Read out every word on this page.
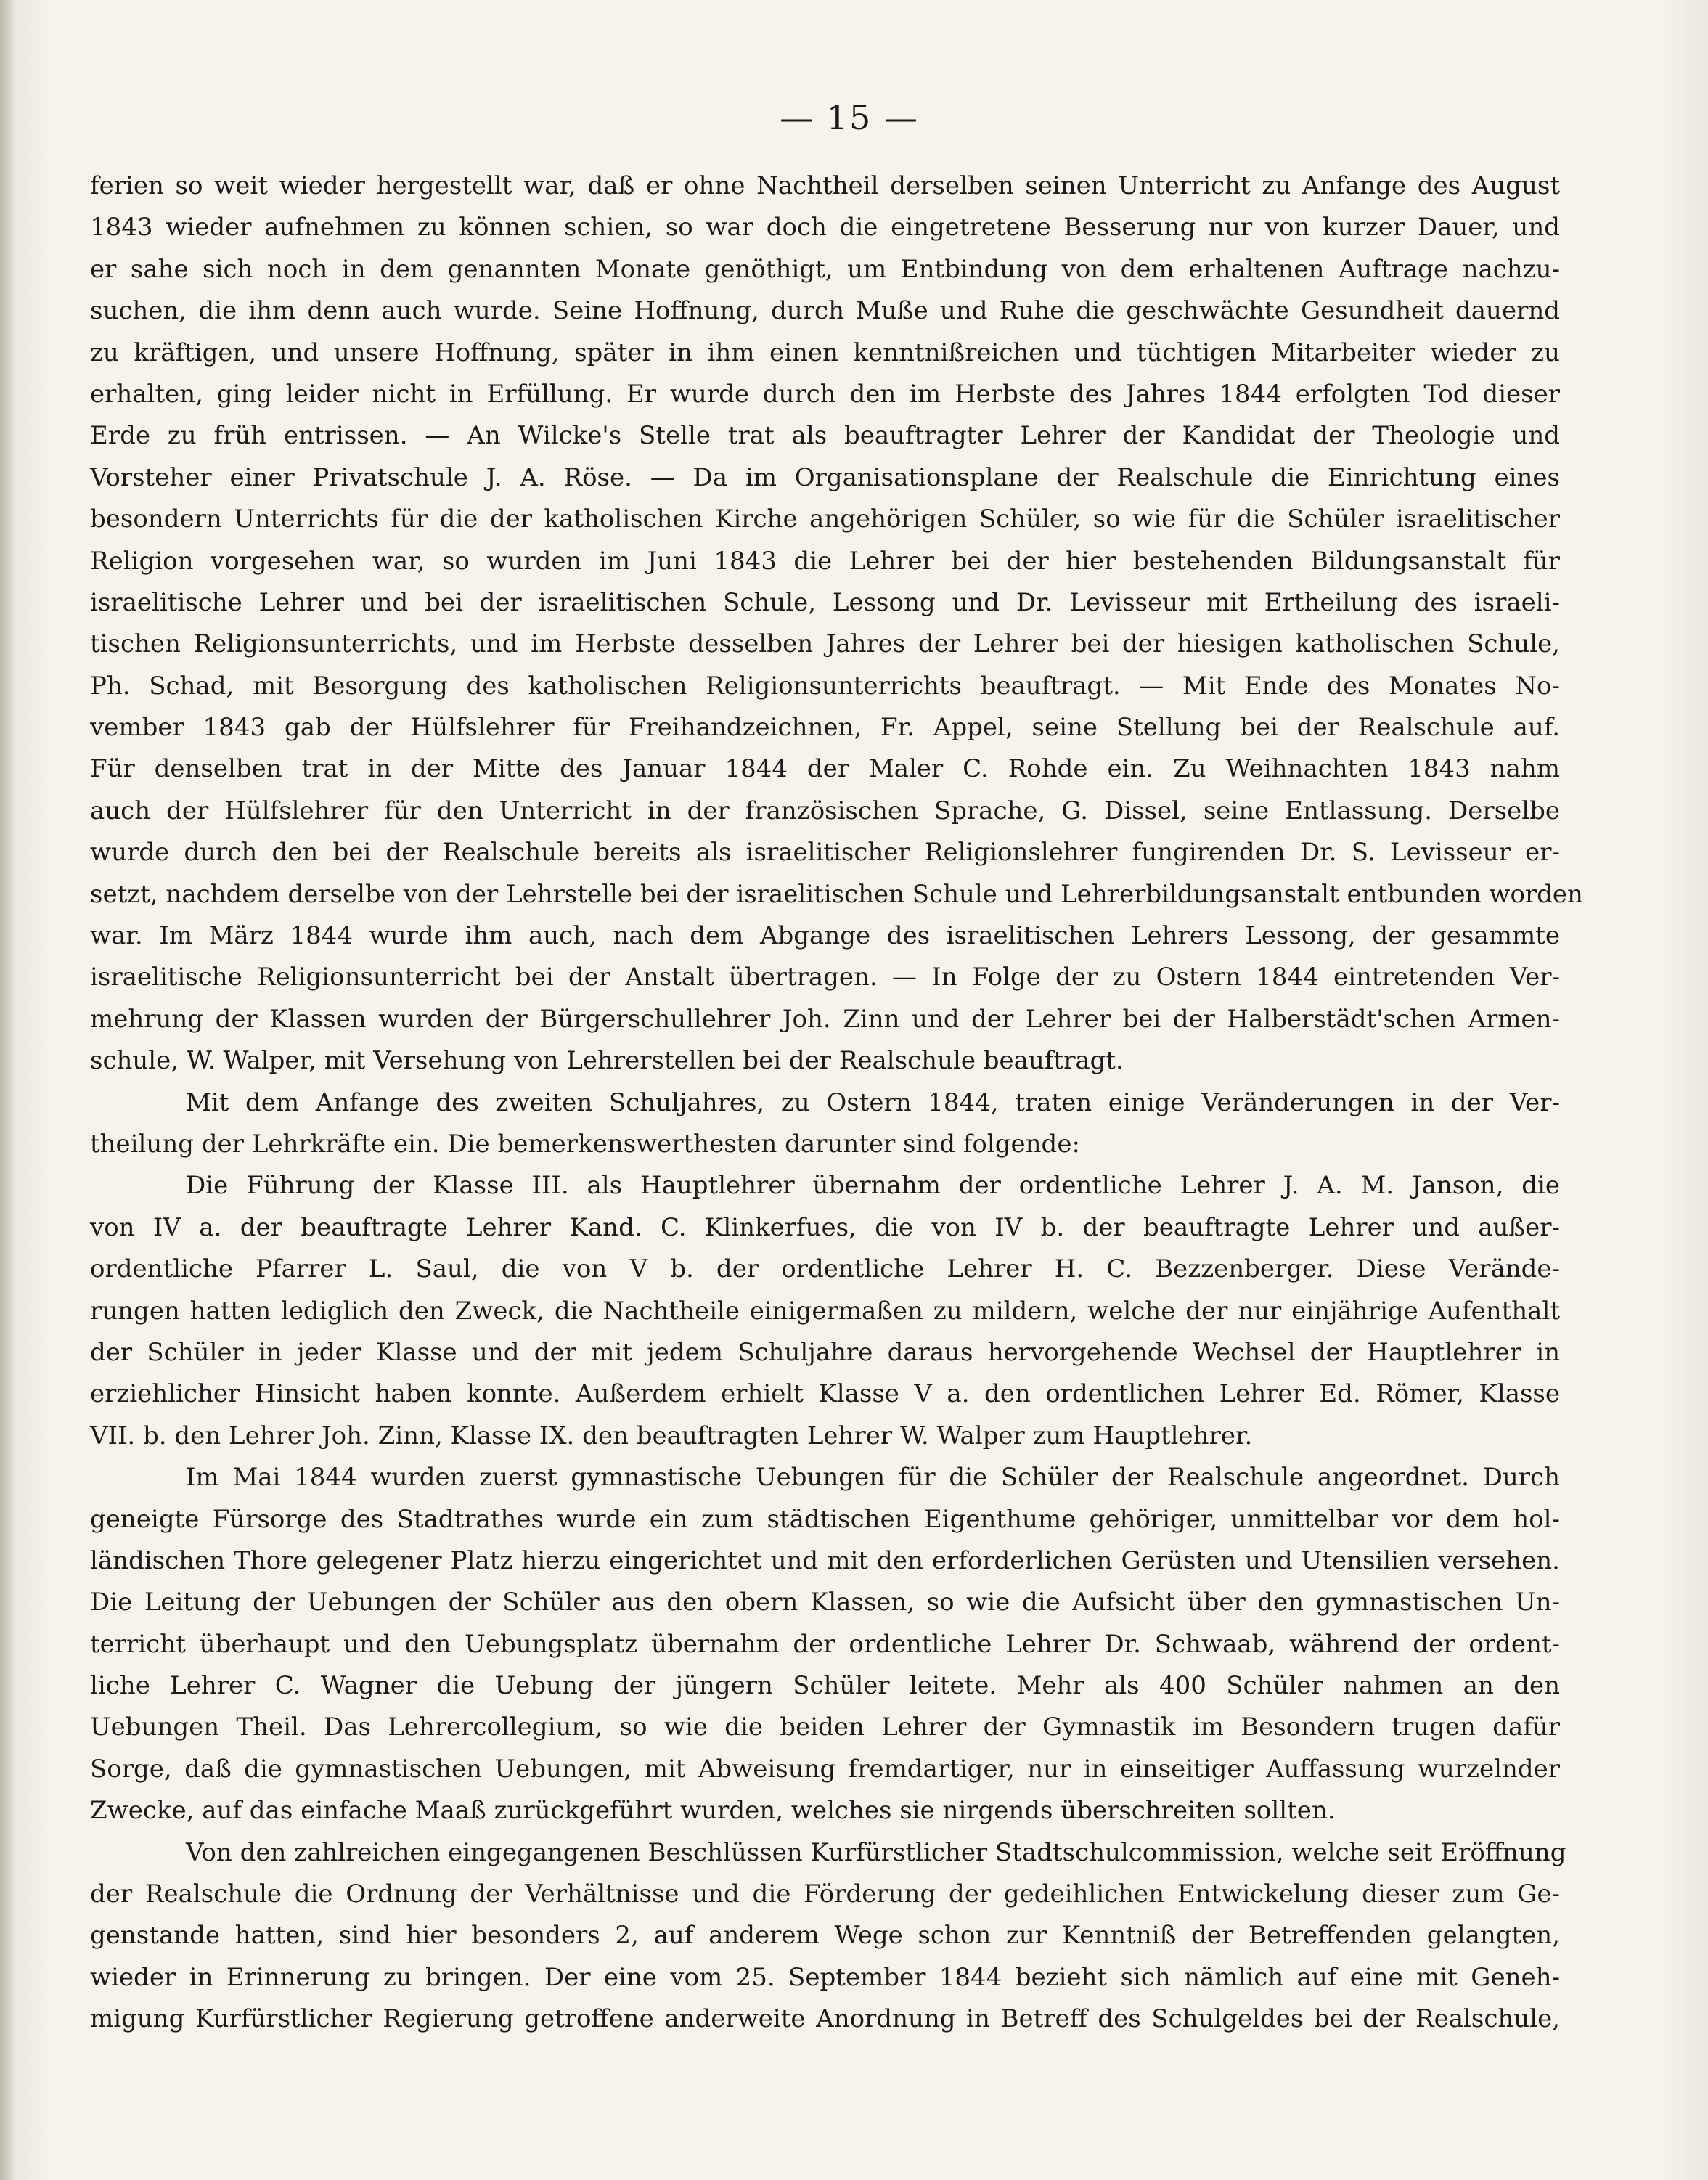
— 15 —
ferien so weit wieder hergestellt war, daß er ohne Nachtheil derselben seinen Unterricht zu Anfange des August
1843 wieder aufnehmen zu können schien, so war doch die eingetretene Besserung nur von kurzer Dauer, und
er sahe sich noch in dem genannten Monate genöthigt, um Entbindung von dem erhaltenen Auftrage nachzu-
suchen, die ihm denn auch wurde. Seine Hoffnung, durch Muße und Ruhe die geschwächte Gesundheit dauernd
zu kräftigen, und unsere Hoffnung, später in ihm einen kenntnißreichen und tüchtigen Mitarbeiter wieder zu
erhalten, ging leider nicht in Erfüllung. Er wurde durch den im Herbste des Jahres 1844 erfolgten Tod dieser
Erde zu früh entrissen. — An Wilcke's Stelle trat als beauftragter Lehrer der Kandidat der Theologie und
Vorsteher einer Privatschule J. A. Röse. — Da im Organisationsplane der Realschule die Einrichtung eines
besondern Unterrichts für die der katholischen Kirche angehörigen Schüler, so wie für die Schüler israelitischer
Religion vorgesehen war, so wurden im Juni 1843 die Lehrer bei der hier bestehenden Bildungsanstalt für
israelitische Lehrer und bei der israelitischen Schule, Lessong und Dr. Levisseur mit Ertheilung des israeli-
tischen Religionsunterrichts, und im Herbste desselben Jahres der Lehrer bei der hiesigen katholischen Schule,
Ph. Schad, mit Besorgung des katholischen Religionsunterrichts beauftragt. — Mit Ende des Monates No-
vember 1843 gab der Hülfslehrer für Freihandzeichnen, Fr. Appel, seine Stellung bei der Realschule auf.
Für denselben trat in der Mitte des Januar 1844 der Maler C. Rohde ein. Zu Weihnachten 1843 nahm
auch der Hülfslehrer für den Unterricht in der französischen Sprache, G. Dissel, seine Entlassung. Derselbe
wurde durch den bei der Realschule bereits als israelitischer Religionslehrer fungirenden Dr. S. Levisseur er-
setzt, nachdem derselbe von der Lehrstelle bei der israelitischen Schule und Lehrerbildungsanstalt entbunden worden
war. Im März 1844 wurde ihm auch, nach dem Abgange des israelitischen Lehrers Lessong, der gesammte
israelitische Religionsunterricht bei der Anstalt übertragen. — In Folge der zu Ostern 1844 eintretenden Ver-
mehrung der Klassen wurden der Bürgerschullehrer Joh. Zinn und der Lehrer bei der Halberstädt'schen Armen-
schule, W. Walper, mit Versehung von Lehrerstellen bei der Realschule beauftragt.
Mit dem Anfange des zweiten Schuljahres, zu Ostern 1844, traten einige Veränderungen in der Ver-
theilung der Lehrkräfte ein. Die bemerkenswerthesten darunter sind folgende:
Die Führung der Klasse III. als Hauptlehrer übernahm der ordentliche Lehrer J. A. M. Janson, die
von IV a. der beauftragte Lehrer Kand. C. Klinkerfues, die von IV b. der beauftragte Lehrer und außer-
ordentliche Pfarrer L. Saul, die von V b. der ordentliche Lehrer H. C. Bezzenberger. Diese Verände-
rungen hatten lediglich den Zweck, die Nachtheile einigermaßen zu mildern, welche der nur einjährige Aufenthalt
der Schüler in jeder Klasse und der mit jedem Schuljahre daraus hervorgehende Wechsel der Hauptlehrer in
erziehlicher Hinsicht haben konnte. Außerdem erhielt Klasse V a. den ordentlichen Lehrer Ed. Römer, Klasse
VII. b. den Lehrer Joh. Zinn, Klasse IX. den beauftragten Lehrer W. Walper zum Hauptlehrer.
Im Mai 1844 wurden zuerst gymnastische Uebungen für die Schüler der Realschule angeordnet. Durch
geneigte Fürsorge des Stadtrathes wurde ein zum städtischen Eigenthume gehöriger, unmittelbar vor dem hol-
ländischen Thore gelegener Platz hierzu eingerichtet und mit den erforderlichen Gerüsten und Utensilien versehen.
Die Leitung der Uebungen der Schüler aus den obern Klassen, so wie die Aufsicht über den gymnastischen Un-
terricht überhaupt und den Uebungsplatz übernahm der ordentliche Lehrer Dr. Schwaab, während der ordent-
liche Lehrer C. Wagner die Uebung der jüngern Schüler leitete. Mehr als 400 Schüler nahmen an den
Uebungen Theil. Das Lehrercollegium, so wie die beiden Lehrer der Gymnastik im Besondern trugen dafür
Sorge, daß die gymnastischen Uebungen, mit Abweisung fremdartiger, nur in einseitiger Auffassung wurzelnder
Zwecke, auf das einfache Maaß zurückgeführt wurden, welches sie nirgends überschreiten sollten.
Von den zahlreichen eingegangenen Beschlüssen Kurfürstlicher Stadtschulcommission, welche seit Eröffnung
der Realschule die Ordnung der Verhältnisse und die Förderung der gedeihlichen Entwickelung dieser zum Ge-
genstande hatten, sind hier besonders 2, auf anderem Wege schon zur Kenntniß der Betreffenden gelangten,
wieder in Erinnerung zu bringen. Der eine vom 25. September 1844 bezieht sich nämlich auf eine mit Geneh-
migung Kurfürstlicher Regierung getroffene anderweite Anordnung in Betreff des Schulgeldes bei der Realschule,
